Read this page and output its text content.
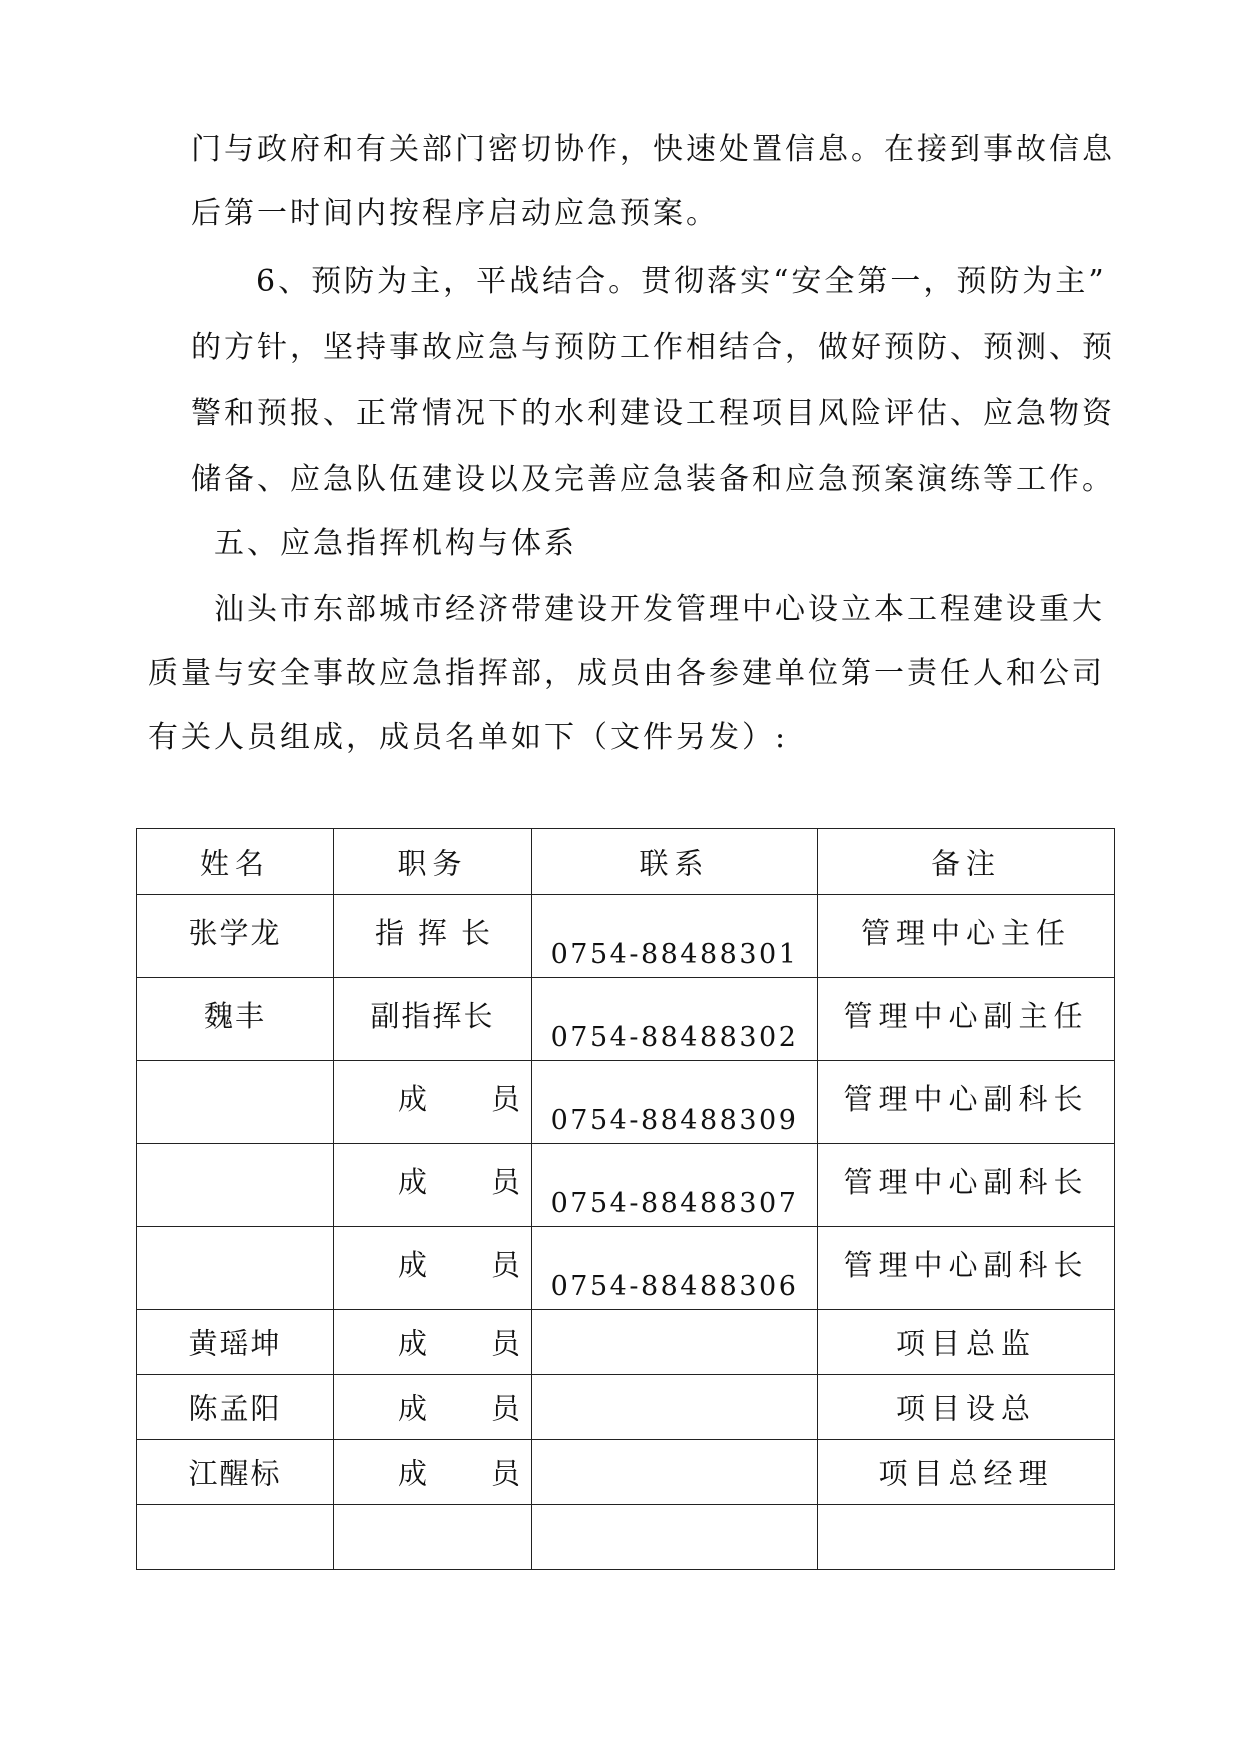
门与政府和有关部门密切协作，快速处置信息。在接到事故信息
后第一时间内按程序启动应急预案。
6、预防为主，平战结合。贯彻落实“安全第一，预防为主”
的方针，坚持事故应急与预防工作相结合，做好预防、预测、预
警和预报、正常情况下的水利建设工程项目风险评估、应急物资
储备、应急队伍建设以及完善应急装备和应急预案演练等工作。
五、应急指挥机构与体系
汕头市东部城市经济带建设开发管理中心设立本工程建设重大
质量与安全事故应急指挥部，成员由各参建单位第一责任人和公司
有关人员组成，成员名单如下（文件另发）:
姓名	职务	联系	备注

张学龙	指挥长	0754-88488301	管理中心主任

魏丰	副指挥长	0754-88488302	管理中心副主任

	成员	0754-88488309	管理中心副科长

	成员	0754-88488307	管理中心副科长

	成员	0754-88488306	管理中心副科长

黄瑶坤	成员		项目总监

陈孟阳	成员		项目设总

江醒标	成员		项目总经理
